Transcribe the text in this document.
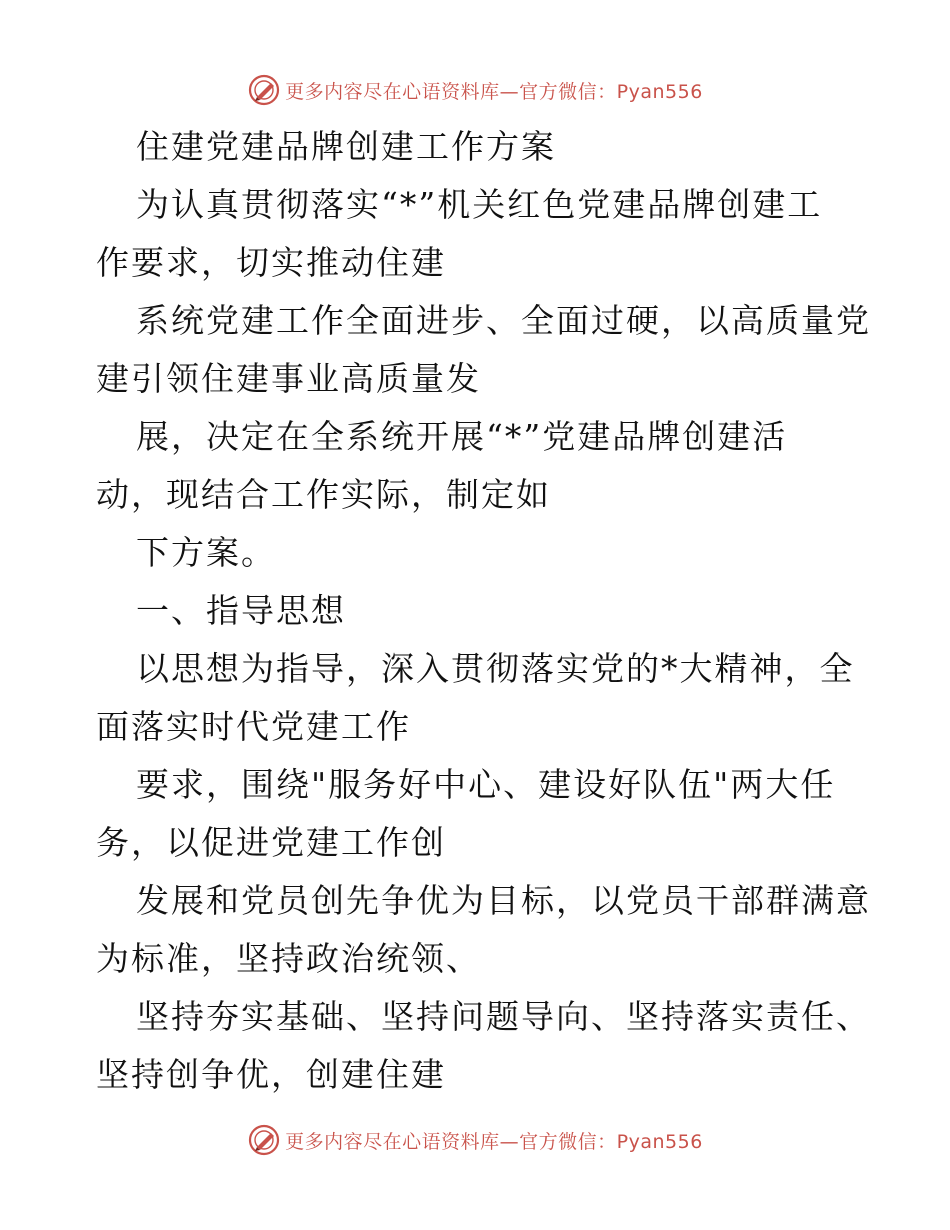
更多内容尽在心语资料库—官方微信：Pyan556
住建党建品牌创建工作方案
为认真贯彻落实“*”机关红色党建品牌创建工
作要求，切实推动住建
系统党建工作全面进步、全面过硬，以高质量党
建引领住建事业高质量发
展，决定在全系统开展“*”党建品牌创建活
动，现结合工作实际，制定如
下方案。
一、指导思想
以思想为指导，深入贯彻落实党的*大精神，全
面落实时代党建工作
要求，围绕"服务好中心、建设好队伍"两大任
务，以促进党建工作创
发展和党员创先争优为目标，以党员干部群满意
为标准，坚持政治统领、
坚持夯实基础、坚持问题导向、坚持落实责任、
坚持创争优，创建住建
更多内容尽在心语资料库—官方微信：Pyan556
